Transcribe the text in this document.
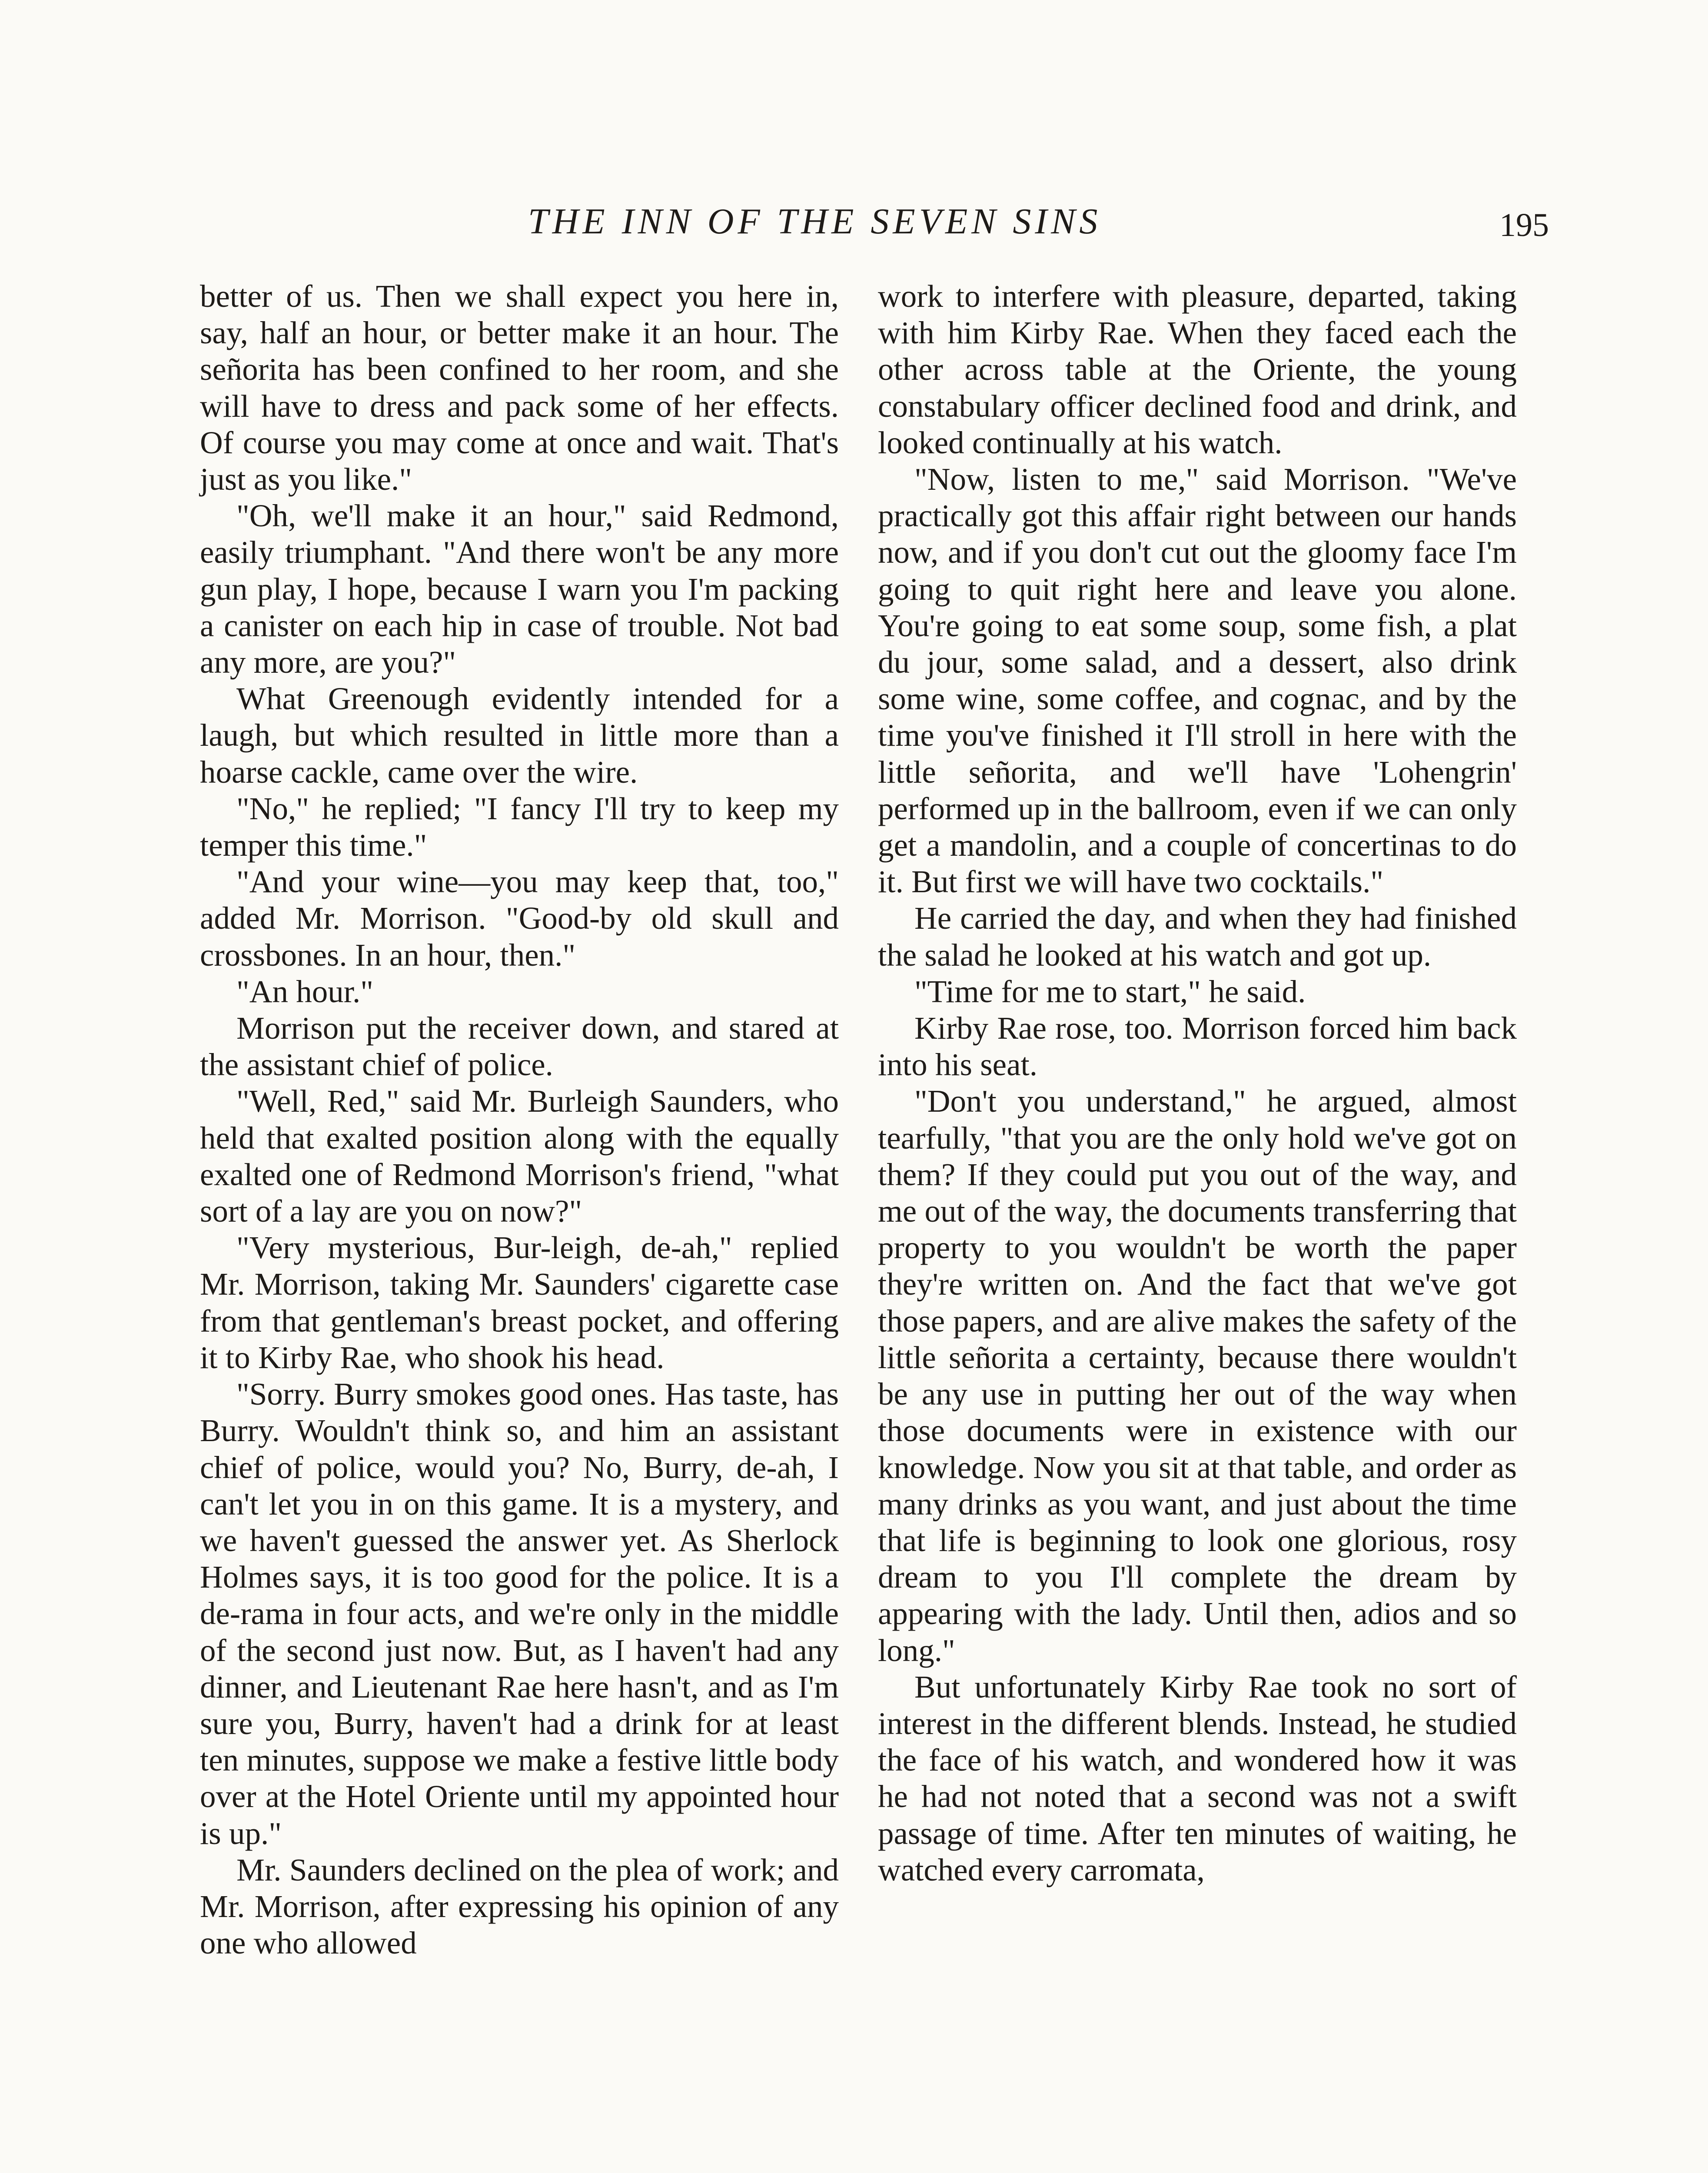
THE INN OF THE SEVEN SINS	195

better of us. Then we shall expect you here in, say, half an hour, or better make it an hour. The señorita has been confined to her room, and she will have to dress and pack some of her effects. Of course you may come at once and wait. That's just as you like."

"Oh, we'll make it an hour," said Redmond, easily triumphant. "And there won't be any more gun play, I hope, because I warn you I'm packing a canister on each hip in case of trouble. Not bad any more, are you?"

What Greenough evidently intended for a laugh, but which resulted in little more than a hoarse cackle, came over the wire.

"No," he replied; "I fancy I'll try to keep my temper this time."

"And your wine—you may keep that, too," added Mr. Morrison. "Good-by old skull and crossbones. In an hour, then."

"An hour."

Morrison put the receiver down, and stared at the assistant chief of police.

"Well, Red," said Mr. Burleigh Saunders, who held that exalted position along with the equally exalted one of Redmond Morrison's friend, "what sort of a lay are you on now?"

"Very mysterious, Bur-leigh, de-ah," replied Mr. Morrison, taking Mr. Saunders' cigarette case from that gentleman's breast pocket, and offering it to Kirby Rae, who shook his head.

"Sorry. Burry smokes good ones. Has taste, has Burry. Wouldn't think so, and him an assistant chief of police, would you? No, Burry, de-ah, I can't let you in on this game. It is a mystery, and we haven't guessed the answer yet. As Sherlock Holmes says, it is too good for the police. It is a de-rama in four acts, and we're only in the middle of the second just now. But, as I haven't had any dinner, and Lieutenant Rae here hasn't, and as I'm sure you, Burry, haven't had a drink for at least ten minutes, suppose we make a festive little body over at the Hotel Oriente until my appointed hour is up."

Mr. Saunders declined on the plea of work; and Mr. Morrison, after expressing his opinion of any one who allowed

work to interfere with pleasure, departed, taking with him Kirby Rae. When they faced each the other across table at the Oriente, the young constabulary officer declined food and drink, and looked continually at his watch.

"Now, listen to me," said Morrison. "We've practically got this affair right between our hands now, and if you don't cut out the gloomy face I'm going to quit right here and leave you alone. You're going to eat some soup, some fish, a plat du jour, some salad, and a dessert, also drink some wine, some coffee, and cognac, and by the time you've finished it I'll stroll in here with the little señorita, and we'll have 'Lohengrin' performed up in the ballroom, even if we can only get a mandolin, and a couple of concertinas to do it. But first we will have two cocktails."

He carried the day, and when they had finished the salad he looked at his watch and got up.

"Time for me to start," he said.

Kirby Rae rose, too. Morrison forced him back into his seat.

"Don't you understand," he argued, almost tearfully, "that you are the only hold we've got on them? If they could put you out of the way, and me out of the way, the documents transferring that property to you wouldn't be worth the paper they're written on. And the fact that we've got those papers, and are alive makes the safety of the little señorita a certainty, because there wouldn't be any use in putting her out of the way when those documents were in existence with our knowledge. Now you sit at that table, and order as many drinks as you want, and just about the time that life is beginning to look one glorious, rosy dream to you I'll complete the dream by appearing with the lady. Until then, adios and so long."

But unfortunately Kirby Rae took no sort of interest in the different blends. Instead, he studied the face of his watch, and wondered how it was he had not noted that a second was not a swift passage of time. After ten minutes of waiting, he watched every carromata,
